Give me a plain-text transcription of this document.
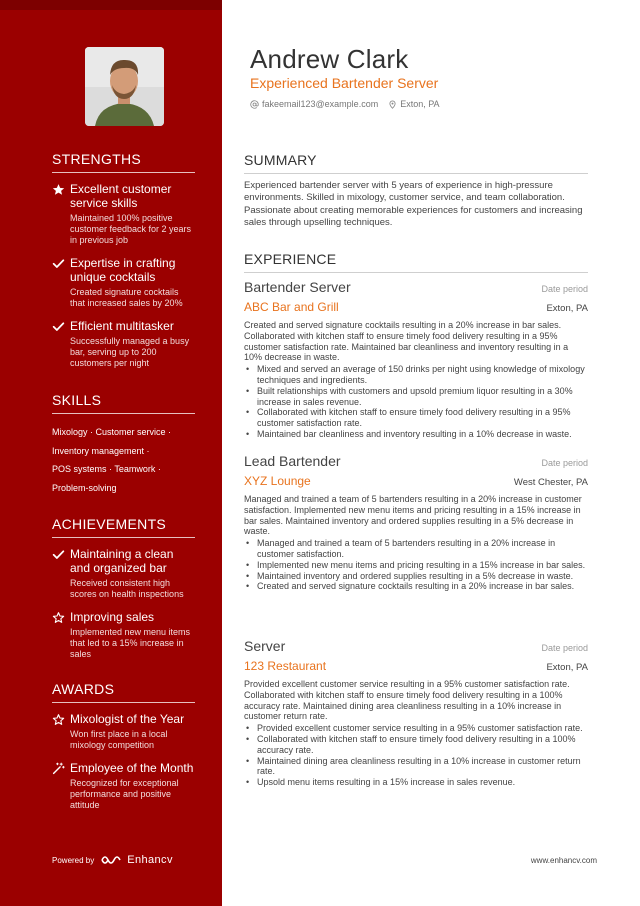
STRENGTHS
Excellent customer service skills
Maintained 100% positive customer feedback for 2 years in previous job
Expertise in crafting unique cocktails
Created signature cocktails that increased sales by 20%
Efficient multitasker
Successfully managed a busy bar, serving up to 200 customers per night
SKILLS
Mixology · Customer service ·
Inventory management ·
POS systems · Teamwork ·
Problem-solving
ACHIEVEMENTS
Maintaining a clean and organized bar
Received consistent high scores on health inspections
Improving sales
Implemented new menu items that led to a 15% increase in sales
AWARDS
Mixologist of the Year
Won first place in a local mixology competition
Employee of the Month
Recognized for exceptional performance and positive attitude
Powered by	Enhancv
Andrew Clark
Experienced Bartender Server
fakeemail123@example.com Exton, PA
SUMMARY
Experienced bartender server with 5 years of experience in high-pressure environments. Skilled in mixology, customer service, and team collaboration. Passionate about creating memorable experiences for customers and increasing sales through upselling techniques.
EXPERIENCE
Bartender Server	Date period
ABC Bar and Grill	Exton, PA
Created and served signature cocktails resulting in a 20% increase in bar sales. Collaborated with kitchen staff to ensure timely food delivery resulting in a 95% customer satisfaction rate. Maintained bar cleanliness and inventory resulting in a 10% decrease in waste.
• Mixed and served an average of 150 drinks per night using knowledge of mixology techniques and ingredients.
• Built relationships with customers and upsold premium liquor resulting in a 30% increase in sales revenue.
• Collaborated with kitchen staff to ensure timely food delivery resulting in a 95% customer satisfaction rate.
• Maintained bar cleanliness and inventory resulting in a 10% decrease in waste.
Lead Bartender	Date period
XYZ Lounge	West Chester, PA
Managed and trained a team of 5 bartenders resulting in a 20% increase in customer satisfaction. Implemented new menu items and pricing resulting in a 15% increase in bar sales. Maintained inventory and ordered supplies resulting in a 5% decrease in waste.
• Managed and trained a team of 5 bartenders resulting in a 20% increase in customer satisfaction.
• Implemented new menu items and pricing resulting in a 15% increase in bar sales.
• Maintained inventory and ordered supplies resulting in a 5% decrease in waste.
• Created and served signature cocktails resulting in a 20% increase in bar sales.
Server	Date period
123 Restaurant	Exton, PA
Provided excellent customer service resulting in a 95% customer satisfaction rate. Collaborated with kitchen staff to ensure timely food delivery resulting in a 100% accuracy rate. Maintained dining area cleanliness resulting in a 10% increase in customer return rate.
• Provided excellent customer service resulting in a 95% customer satisfaction rate.
• Collaborated with kitchen staff to ensure timely food delivery resulting in a 100% accuracy rate.
• Maintained dining area cleanliness resulting in a 10% increase in customer return rate.
• Upsold menu items resulting in a 15% increase in sales revenue.
www.enhancv.com
